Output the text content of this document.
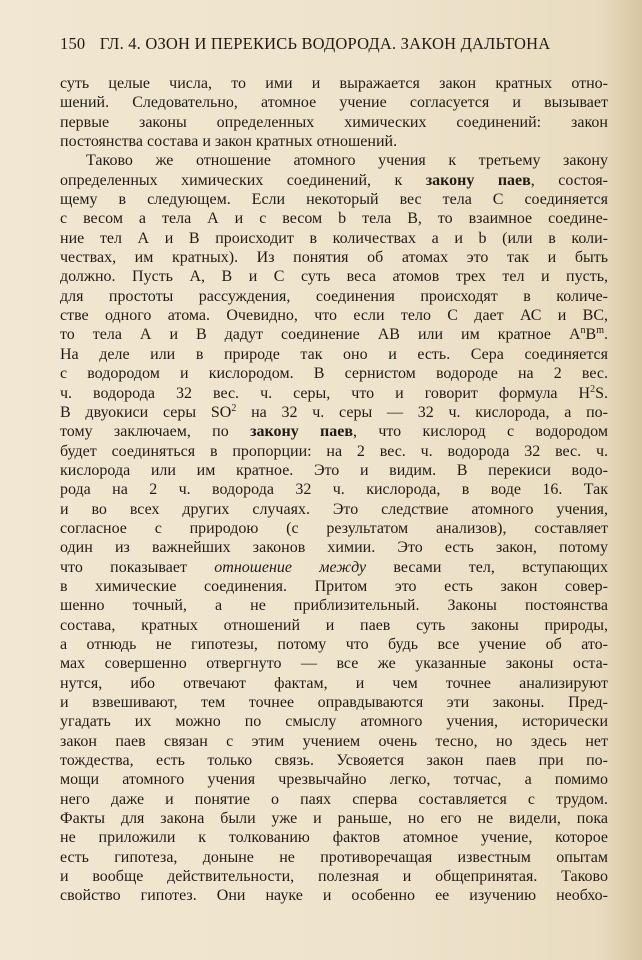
150 ГЛ. 4. ОЗОН И ПЕРЕКИСЬ ВОДОРОДА. ЗАКОН ДАЛЬТОНА
суть целые числа, то ими и выражается закон кратных отно-
шений. Следовательно, атомное учение согласуется и вызывает
первые законы определенных химических соединений: закон
постоянства состава и закон кратных отношений.
Таково же отношение атомного учения к третьему закону
определенных химических соединений, к закону паев, состоя-
щему в следующем. Если некоторый вес тела С соединяется
с весом a тела А и с весом b тела В, то взаимное соедине-
ние тел А и В происходит в количествах a и b (или в коли-
чествах, им кратных). Из понятия об атомах это так и быть
должно. Пусть А, В и С суть веса атомов трех тел и пусть,
для простоты рассуждения, соединения происходят в количе-
стве одного атома. Очевидно, что если тело С дает АС и ВС,
то тела А и В дадут соединение АВ или им кратное $A^nB^m$.
На деле или в природе так оно и есть. Сера соединяется
с водородом и кислородом. В сернистом водороде на 2 вес.
ч. водорода 32 вес. ч. серы, что и говорит формула $H^2S$.
В двуокиси серы $SO^2$ на 32 ч. серы — 32 ч. кислорода, а по-
тому заключаем, по закону паев, что кислород с водородом
будет соединяться в пропорции: на 2 вес. ч. водорода 32 вес. ч.
кислорода или им кратное. Это и видим. В перекиси водо-
рода на 2 ч. водорода 32 ч. кислорода, в воде 16. Так
и во всех других случаях. Это следствие атомного учения,
согласное с природою (с результатом анализов), составляет
один из важнейших законов химии. Это есть закон, потому
что показывает отношение между весами тел, вступающих
в химические соединения. Притом это есть закон совер-
шенно точный, а не приблизительный. Законы постоянства
состава, кратных отношений и паев суть законы природы,
а отнюдь не гипотезы, потому что будь все учение об ато-
мах совершенно отвергнуто — все же указанные законы оста-
нутся, ибо отвечают фактам, и чем точнее анализируют
и взвешивают, тем точнее оправдываются эти законы. Пред-
угадать их можно по смыслу атомного учения, исторически
закон паев связан с этим учением очень тесно, но здесь нет
тождества, есть только связь. Усвояется закон паев при по-
мощи атомного учения чрезвычайно легко, тотчас, а помимо
него даже и понятие о паях сперва составляется с трудом.
Факты для закона были уже и раньше, но его не видели, пока
не приложили к толкованию фактов атомное учение, которое
есть гипотеза, доныне не противоречащая известным опытам
и вообще действительности, полезная и общепринятая. Таково
свойство гипотез. Они науке и особенно ее изучению необхо-
